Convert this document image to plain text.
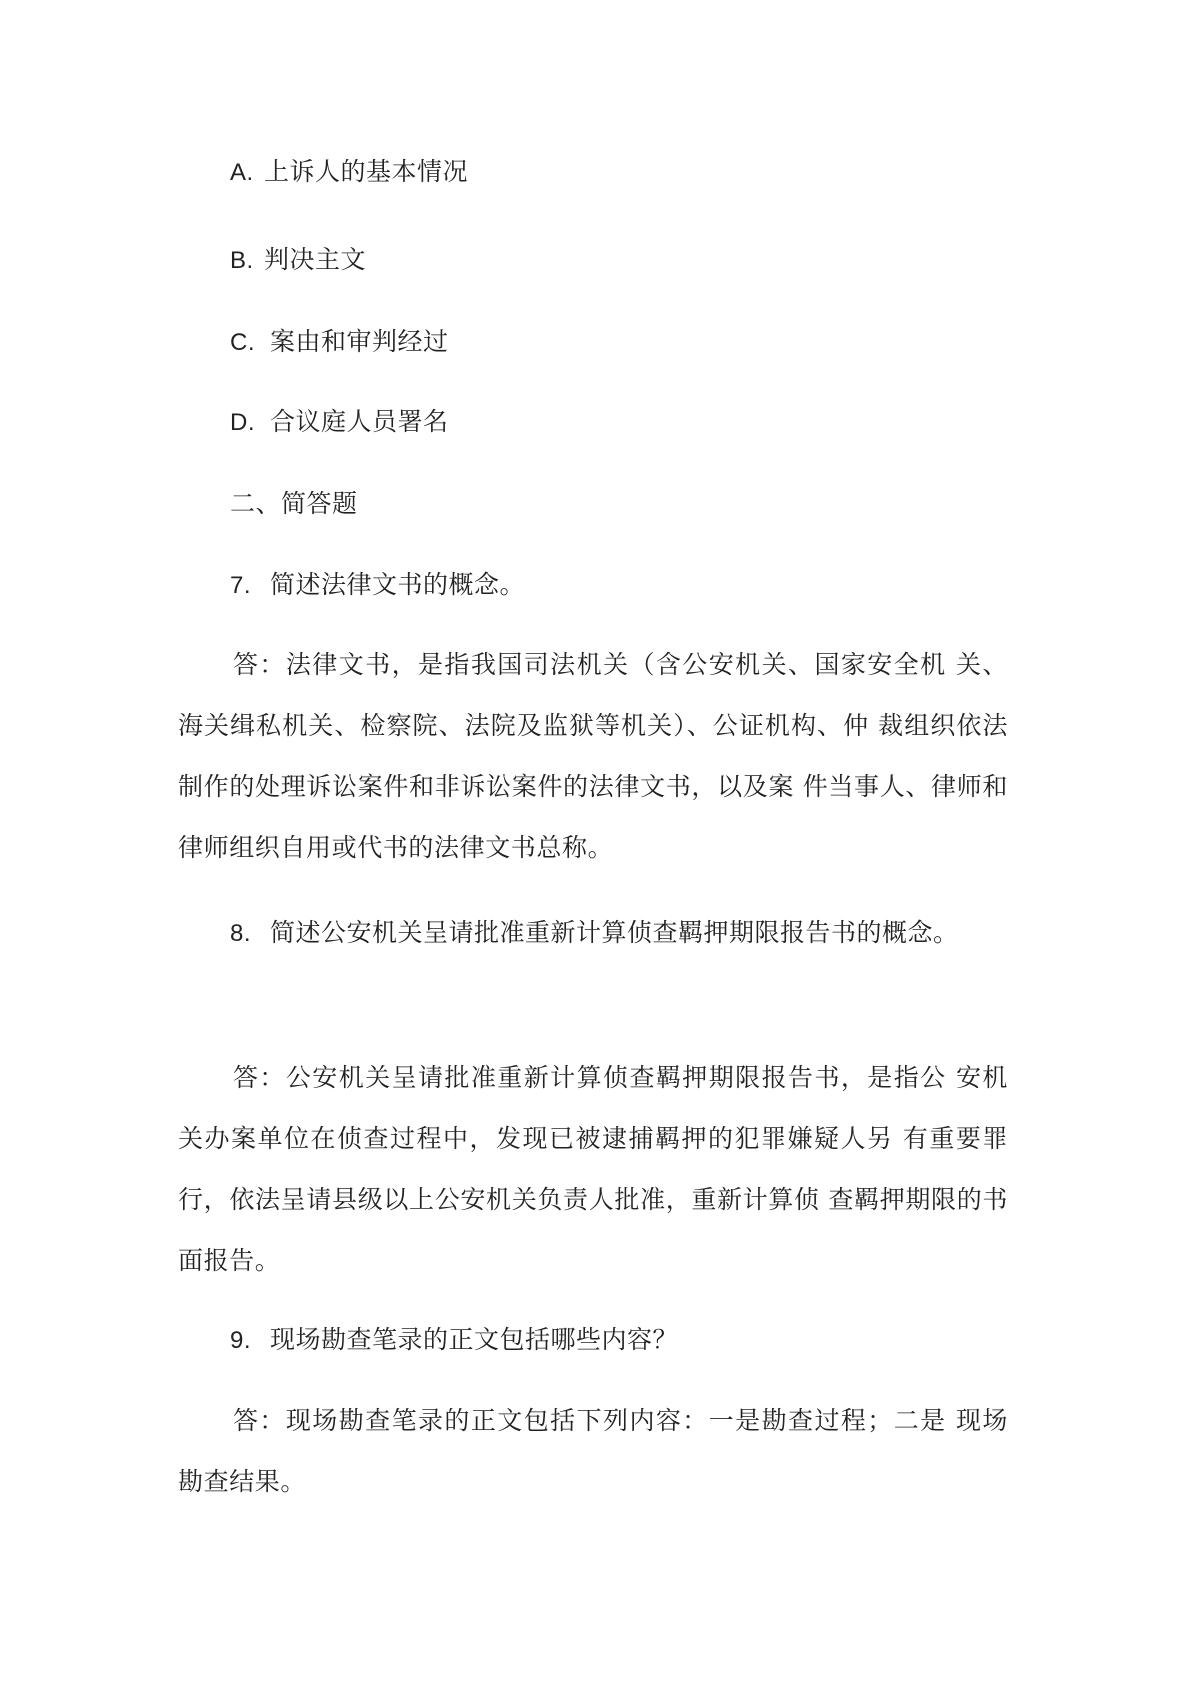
A. 上诉人的基本情况
B. 判决主文
C. 案由和审判经过
D. 合议庭人员署名
二、简答题
7. 简述法律文书的概念。
答：法律文书，是指我国司法机关（含公安机关、国家安全机 关、海关缉私机关、检察院、法院及监狱等机关）、公证机构、仲 裁组织依法制作的处理诉讼案件和非诉讼案件的法律文书，以及案 件当事人、律师和律师组织自用或代书的法律文书总称。
8. 简述公安机关呈请批准重新计算侦查羁押期限报告书的概念。
答：公安机关呈请批准重新计算侦查羁押期限报告书，是指公 安机关办案单位在侦查过程中，发现已被逮捕羁押的犯罪嫌疑人另 有重要罪行，依法呈请县级以上公安机关负责人批准，重新计算侦 查羁押期限的书面报告。
9. 现场勘查笔录的正文包括哪些内容？
答：现场勘查笔录的正文包括下列内容：一是勘查过程；二是 现场勘查结果。
